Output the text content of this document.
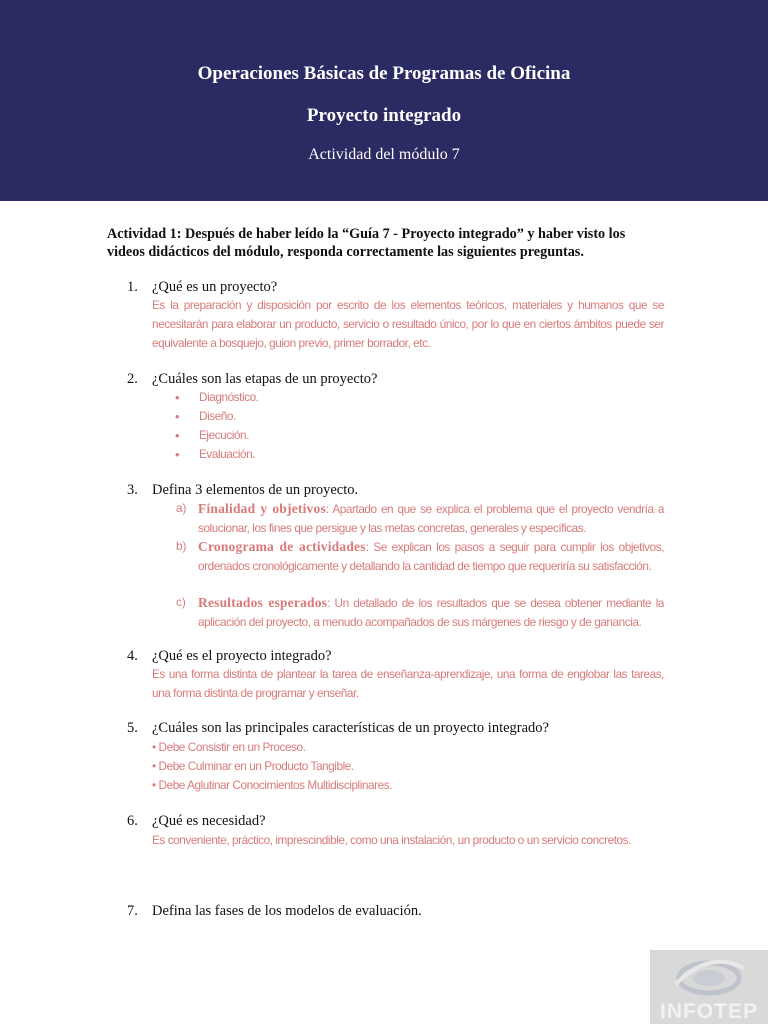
Operaciones Básicas de Programas de Oficina
Proyecto integrado
Actividad del módulo 7

Actividad 1: Después de haber leído la “Guía 7 - Proyecto integrado” y haber visto los videos didácticos del módulo, responda correctamente las siguientes preguntas.

1. ¿Qué es un proyecto?
Es la preparación y disposición por escrito de los elementos teóricos, materiales y humanos que se necesitarán para elaborar un producto, servicio o resultado único, por lo que en ciertos ámbitos puede ser equivalente a bosquejo, guion previo, primer borrador, etc.
2. ¿Cuáles son las etapas de un proyecto?
• Diagnóstico.
• Diseño.
• Ejecución.
• Evaluación.
3. Defina 3 elementos de un proyecto.
a) Finalidad y objetivos: Apartado en que se explica el problema que el proyecto vendría a solucionar, los fines que persigue y las metas concretas, generales y específicas.
b) Cronograma de actividades: Se explican los pasos a seguir para cumplir los objetivos, ordenados cronológicamente y detallando la cantidad de tiempo que requeriría su satisfacción.
c) Resultados esperados: Un detallado de los resultados que se desea obtener mediante la aplicación del proyecto, a menudo acompañados de sus márgenes de riesgo y de ganancia.
4. ¿Qué es el proyecto integrado?
Es una forma distinta de plantear la tarea de enseñanza-aprendizaje, una forma de englobar las tareas, una forma distinta de programar y enseñar.
5. ¿Cuáles son las principales características de un proyecto integrado?
• Debe Consistir en un Proceso.
• Debe Culminar en un Producto Tangible.
• Debe Aglutinar Conocimientos Multidisciplinares.
6. ¿Qué es necesidad?
Es conveniente, práctico, imprescindible, como una instalación, un producto o un servicio concretos.
7. Defina las fases de los modelos de evaluación.
INFOTEP
